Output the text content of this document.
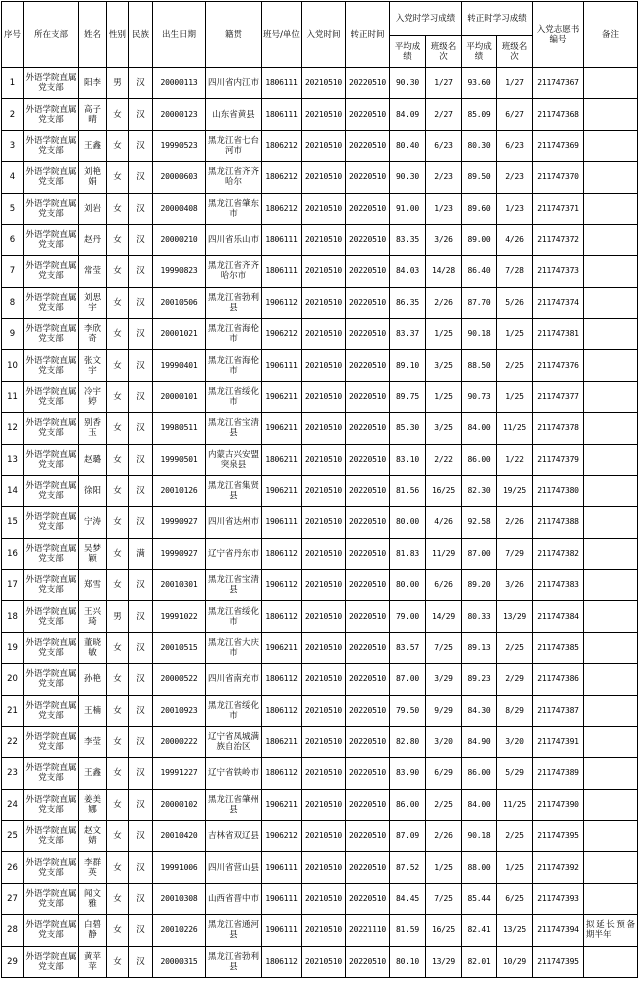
序号	所在支部	姓名	性别	民族	出生日期	籍贯	班号/单位	入党时间	转正时间	入党时学习成绩		转正时学习成绩		入党志愿书编号	备注
										平均成绩	班级名次	平均成绩	班级名次		
1	外语学院直属党支部	阳李	男	汉	20000113	四川省内江市	1806111	20210510	20220510	90.30	1/27	93.60	1/27	211747367	
2	外语学院直属党支部	高子晴	女	汉	20000123	山东省黄县	1806111	20210510	20220510	84.09	2/27	85.09	6/27	211747368	
3	外语学院直属党支部	王鑫	女	汉	19990523	黑龙江省七台河市	1806212	20210510	20220510	80.40	6/23	80.30	6/23	211747369	
4	外语学院直属党支部	刘艳娟	女	汉	20000603	黑龙江省齐齐哈尔	1806212	20210510	20220510	90.30	2/23	89.50	2/23	211747370	
5	外语学院直属党支部	刘岩	女	汉	20000408	黑龙江省肇东市	1806212	20210510	20220510	91.00	1/23	89.60	1/23	211747371	
6	外语学院直属党支部	赵丹	女	汉	20000210	四川省乐山市	1806111	20210510	20220510	83.35	3/26	89.00	4/26	211747372	
7	外语学院直属党支部	常莹	女	汉	19990823	黑龙江省齐齐哈尔市	1806111	20210510	20220510	84.03	14/28	86.40	7/28	211747373	
8	外语学院直属党支部	刘思宇	女	汉	20010506	黑龙江省勃利县	1906112	20210510	20220510	86.35	2/26	87.70	5/26	211747374	
9	外语学院直属党支部	李欣奇	女	汉	20001021	黑龙江省海伦市	1906212	20210510	20220510	83.37	1/25	90.18	1/25	211747381	
10	外语学院直属党支部	张文宇	女	汉	19990401	黑龙江省海伦市	1906111	20210510	20220510	89.10	3/25	88.50	2/25	211747376	
11	外语学院直属党支部	冷宇婷	女	汉	20000101	黑龙江省绥化市	1906211	20210510	20220510	89.75	1/25	90.73	1/25	211747377	
12	外语学院直属党支部	别香玉	女	汉	19980511	黑龙江省宝清县	1906211	20210510	20220510	85.30	3/25	84.00	11/25	211747378	
13	外语学院直属党支部	赵璐	女	汉	19990501	内蒙古兴安盟突泉县	1806211	20210510	20220510	83.10	2/22	86.00	1/22	211747379	
14	外语学院直属党支部	徐阳	女	汉	20010126	黑龙江省集贤县	1906211	20210510	20220510	81.56	16/25	82.30	19/25	211747380	
15	外语学院直属党支部	宁涛	女	汉	19990927	四川省达州市	1906111	20210510	20220510	80.00	4/26	92.58	2/26	211747388	
16	外语学院直属党支部	吴梦颖	女	满	19990927	辽宁省丹东市	1806112	20210510	20220510	81.83	11/29	87.00	7/29	211747382	
17	外语学院直属党支部	郑雪	女	汉	20010301	黑龙江省宝清县	1906112	20210510	20220510	80.00	6/26	89.20	3/26	211747383	
18	外语学院直属党支部	王兴琦	男	汉	19991022	黑龙江省绥化市	1806112	20210510	20220510	79.00	14/29	80.33	13/29	211747384	
19	外语学院直属党支部	董晓敏	女	汉	20010515	黑龙江省大庆市	1906211	20210510	20220510	83.57	7/25	89.13	2/25	211747385	
20	外语学院直属党支部	孙艳	女	汉	20000522	四川省南充市	1806112	20210510	20220510	87.00	3/29	89.23	2/29	211747386	
21	外语学院直属党支部	王楠	女	汉	20010923	黑龙江省绥化市	1806112	20210510	20220510	79.50	9/29	84.30	8/29	211747387	
22	外语学院直属党支部	李莹	女	汉	20000222	辽宁省凤城满族自治区	1806211	20210510	20220510	82.80	3/20	84.90	3/20	211747391	
23	外语学院直属党支部	王鑫	女	汉	19991227	辽宁省铁岭市	1806112	20210510	20220510	83.90	6/29	86.00	5/29	211747389	
24	外语学院直属党支部	姜美娜	女	汉	20000102	黑龙江省肇州县	1906211	20210510	20220510	86.00	2/25	84.00	11/25	211747390	
25	外语学院直属党支部	赵文婧	女	汉	20010420	吉林省双辽县	1906212	20210510	20220510	87.09	2/26	90.18	2/25	211747395	
26	外语学院直属党支部	李群英	女	汉	19991006	四川省营山县	1906111	20210510	20220510	87.52	1/25	88.00	1/25	211747392	
27	外语学院直属党支部	闻文雅	女	汉	20010308	山西省晋中市	1906111	20210510	20220510	84.45	7/25	85.44	6/25	211747393	
28	外语学院直属党支部	白碧静	女	汉	20010226	黑龙江省通河县	1906111	20210510	20221110	81.59	16/25	82.41	13/25	211747394	拟延长预备期半年
29	外语学院直属党支部	黄苹苹	女	汉	20000315	黑龙江省勃利县	1806112	20210510	20220510	80.10	13/29	82.01	10/29	211747395	
